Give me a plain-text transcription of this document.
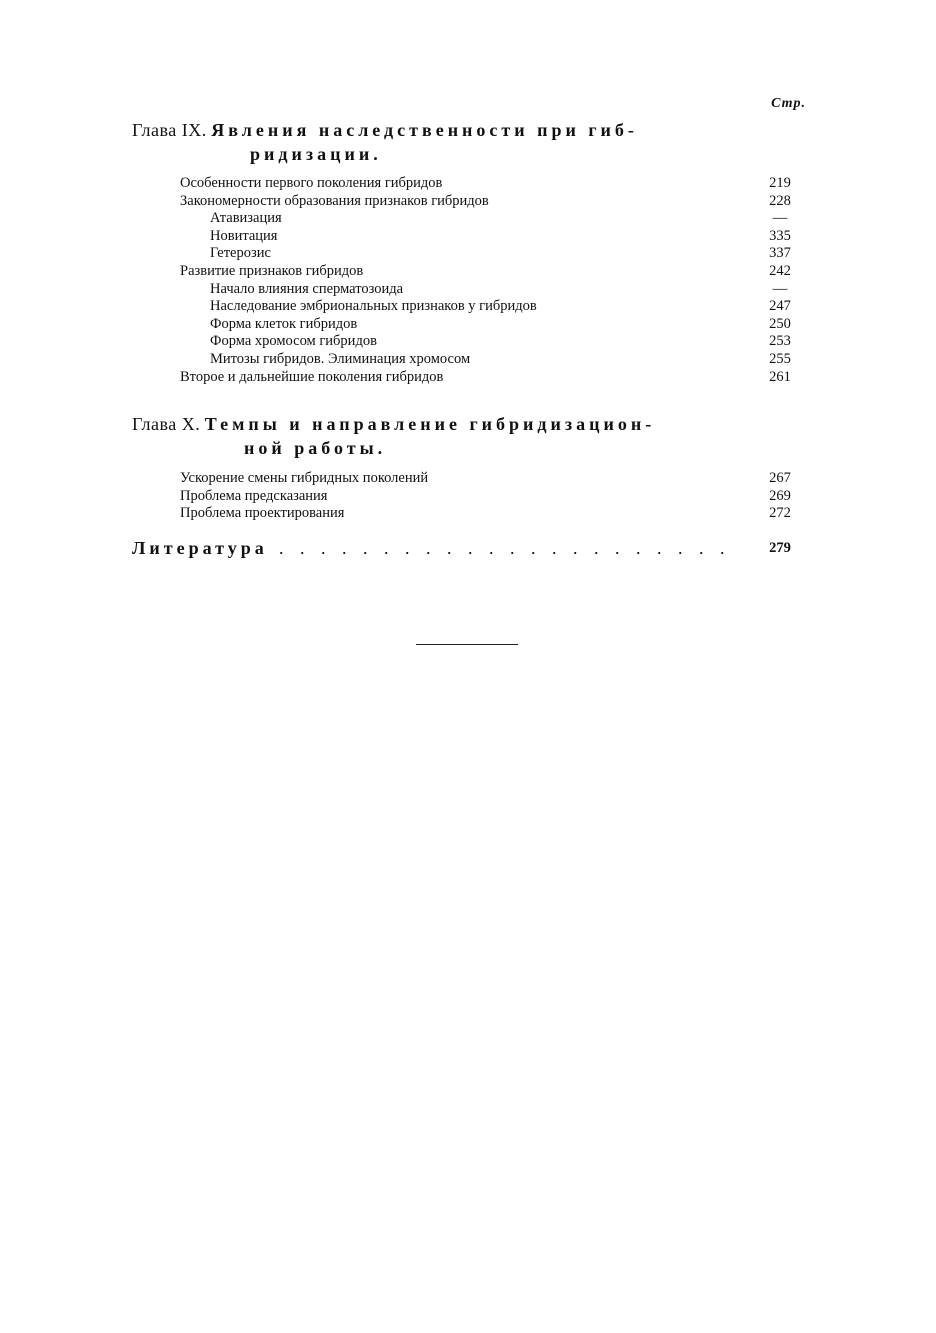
Стр.
Глава IX. Явления наследственности при гиб-
ридизации.
Особенности первого поколения гибридов . . .	219
Закономерности образования признаков гибридов . . .	228
Атавизация . . .	—
Новитация . . .	335
Гетерозис . . .	337
Развитие признаков гибридов . . .	242
Начало влияния сперматозоида . . .	—
Наследование эмбриональных признаков у гибридов . . .	247
Форма клеток гибридов . . .	250
Форма хромосом гибридов . . .	253
Митозы гибридов. Элиминация хромосом . . .	255
Второе и дальнейшие поколения гибридов . . .	261
Глава X. Темпы и направление гибридизацион-
ной работы.
Ускорение смены гибридных поколений . . .	267
Проблема предсказания . . .	269
Проблема проектирования . . .	272
Литература . . .	279
